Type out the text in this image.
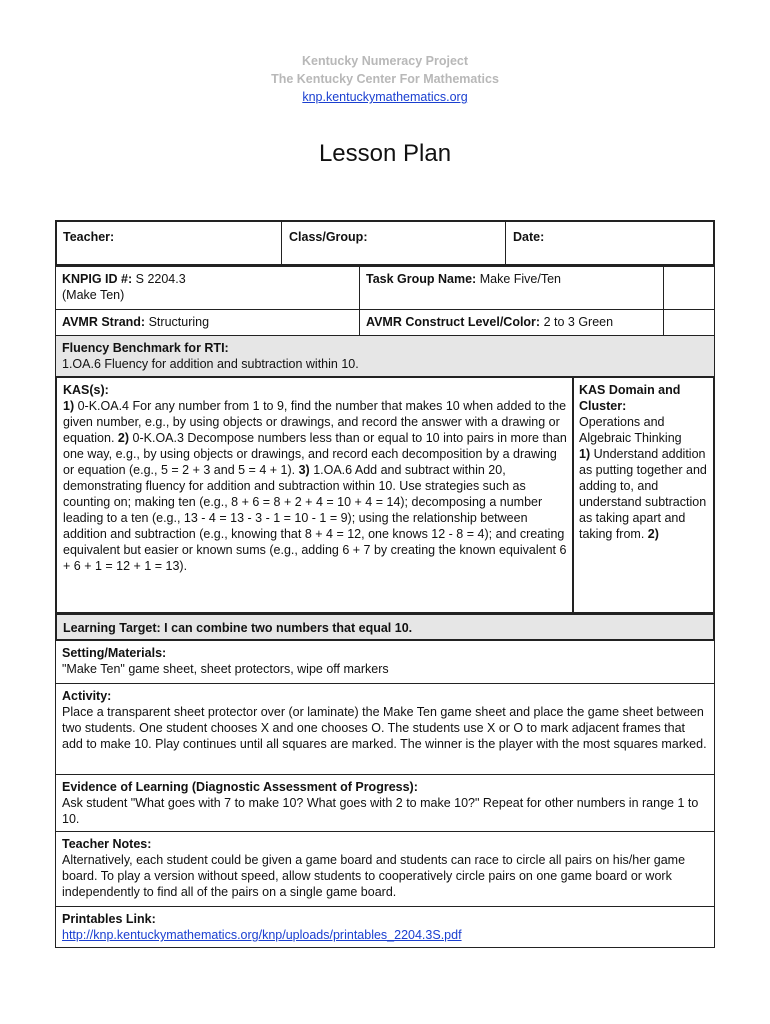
Kentucky Numeracy Project
The Kentucky Center For Mathematics
knp.kentuckymathematics.org
Lesson Plan
Teacher:	Class/Group:	Date:
KNPIG ID #: S 2204.3
(Make Ten)
Task Group Name: Make Five/Ten
AVMR Strand: Structuring	AVMR Construct Level/Color: 2 to 3 Green
Fluency Benchmark for RTI:
1.OA.6 Fluency for addition and subtraction within 10.
KAS(s):
1) 0-K.OA.4 For any number from 1 to 9, find the number that makes 10 when added to the given number, e.g., by using objects or drawings, and record the answer with a drawing or equation. 2) 0-K.OA.3 Decompose numbers less than or equal to 10 into pairs in more than one way, e.g., by using objects or drawings, and record each decomposition by a drawing or equation (e.g., 5 = 2 + 3 and 5 = 4 + 1). 3) 1.OA.6 Add and subtract within 20, demonstrating fluency for addition and subtraction within 10. Use strategies such as counting on; making ten (e.g., 8 + 6 = 8 + 2 + 4 = 10 + 4 = 14); decomposing a number leading to a ten (e.g., 13 - 4 = 13 - 3 - 1 = 10 - 1 = 9); using the relationship between addition and subtraction (e.g., knowing that 8 + 4 = 12, one knows 12 - 8 = 4); and creating equivalent but easier or known sums (e.g., adding 6 + 7 by creating the known equivalent 6 + 6 + 1 = 12 + 1 = 13).
KAS Domain and Cluster:
Operations and Algebraic Thinking
1) Understand addition as putting together and adding to, and understand subtraction as taking apart and taking from. 2)
Learning Target: I can combine two numbers that equal 10.
Setting/Materials:
"Make Ten" game sheet, sheet protectors, wipe off markers
Activity:
Place a transparent sheet protector over (or laminate) the Make Ten game sheet and place the game sheet between two students. One student chooses X and one chooses O. The students use X or O to mark adjacent frames that add to make 10. Play continues until all squares are marked. The winner is the player with the most squares marked.
Evidence of Learning (Diagnostic Assessment of Progress):
Ask student "What goes with 7 to make 10? What goes with 2 to make 10?" Repeat for other numbers in range 1 to 10.
Teacher Notes:
Alternatively, each student could be given a game board and students can race to circle all pairs on his/her game board. To play a version without speed, allow students to cooperatively circle pairs on one game board or work independently to find all of the pairs on a single game board.
Printables Link:
http://knp.kentuckymathematics.org/knp/uploads/printables_2204.3S.pdf
